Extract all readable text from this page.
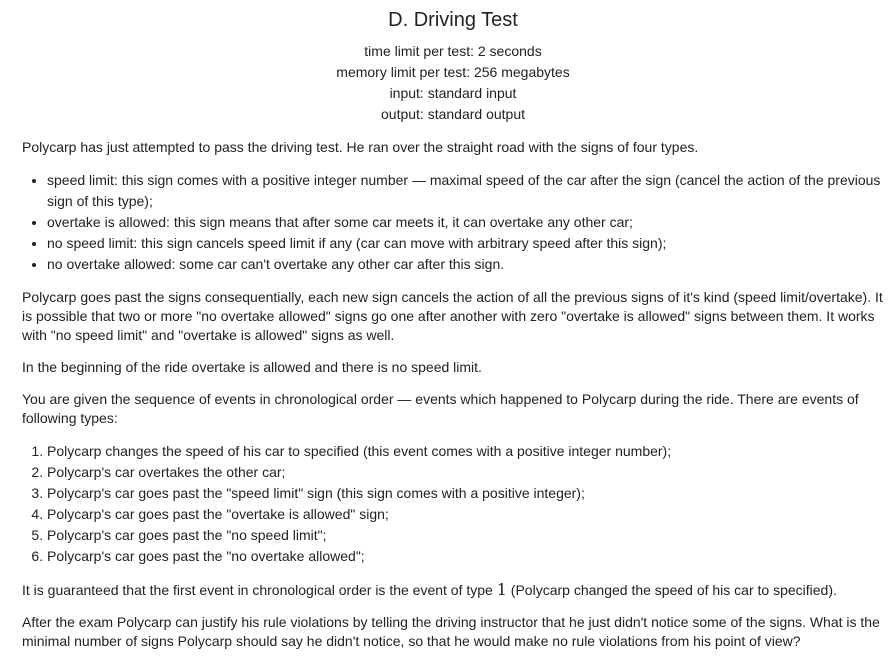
D. Driving Test
time limit per test: 2 seconds
memory limit per test: 256 megabytes
input: standard input
output: standard output

Polycarp has just attempted to pass the driving test. He ran over the straight road with the signs of four types.

• speed limit: this sign comes with a positive integer number — maximal speed of the car after the sign (cancel the action of the previous sign of this type);
• overtake is allowed: this sign means that after some car meets it, it can overtake any other car;
• no speed limit: this sign cancels speed limit if any (car can move with arbitrary speed after this sign);
• no overtake allowed: some car can't overtake any other car after this sign.

Polycarp goes past the signs consequentially, each new sign cancels the action of all the previous signs of it's kind (speed limit/overtake). It is possible that two or more "no overtake allowed" signs go one after another with zero "overtake is allowed" signs between them. It works with "no speed limit" and "overtake is allowed" signs as well.

In the beginning of the ride overtake is allowed and there is no speed limit.

You are given the sequence of events in chronological order — events which happened to Polycarp during the ride. There are events of following types:

1. Polycarp changes the speed of his car to specified (this event comes with a positive integer number);
2. Polycarp's car overtakes the other car;
3. Polycarp's car goes past the "speed limit" sign (this sign comes with a positive integer);
4. Polycarp's car goes past the "overtake is allowed" sign;
5. Polycarp's car goes past the "no speed limit";
6. Polycarp's car goes past the "no overtake allowed";

It is guaranteed that the first event in chronological order is the event of type 1 (Polycarp changed the speed of his car to specified).

After the exam Polycarp can justify his rule violations by telling the driving instructor that he just didn't notice some of the signs. What is the minimal number of signs Polycarp should say he didn't notice, so that he would make no rule violations from his point of view?
